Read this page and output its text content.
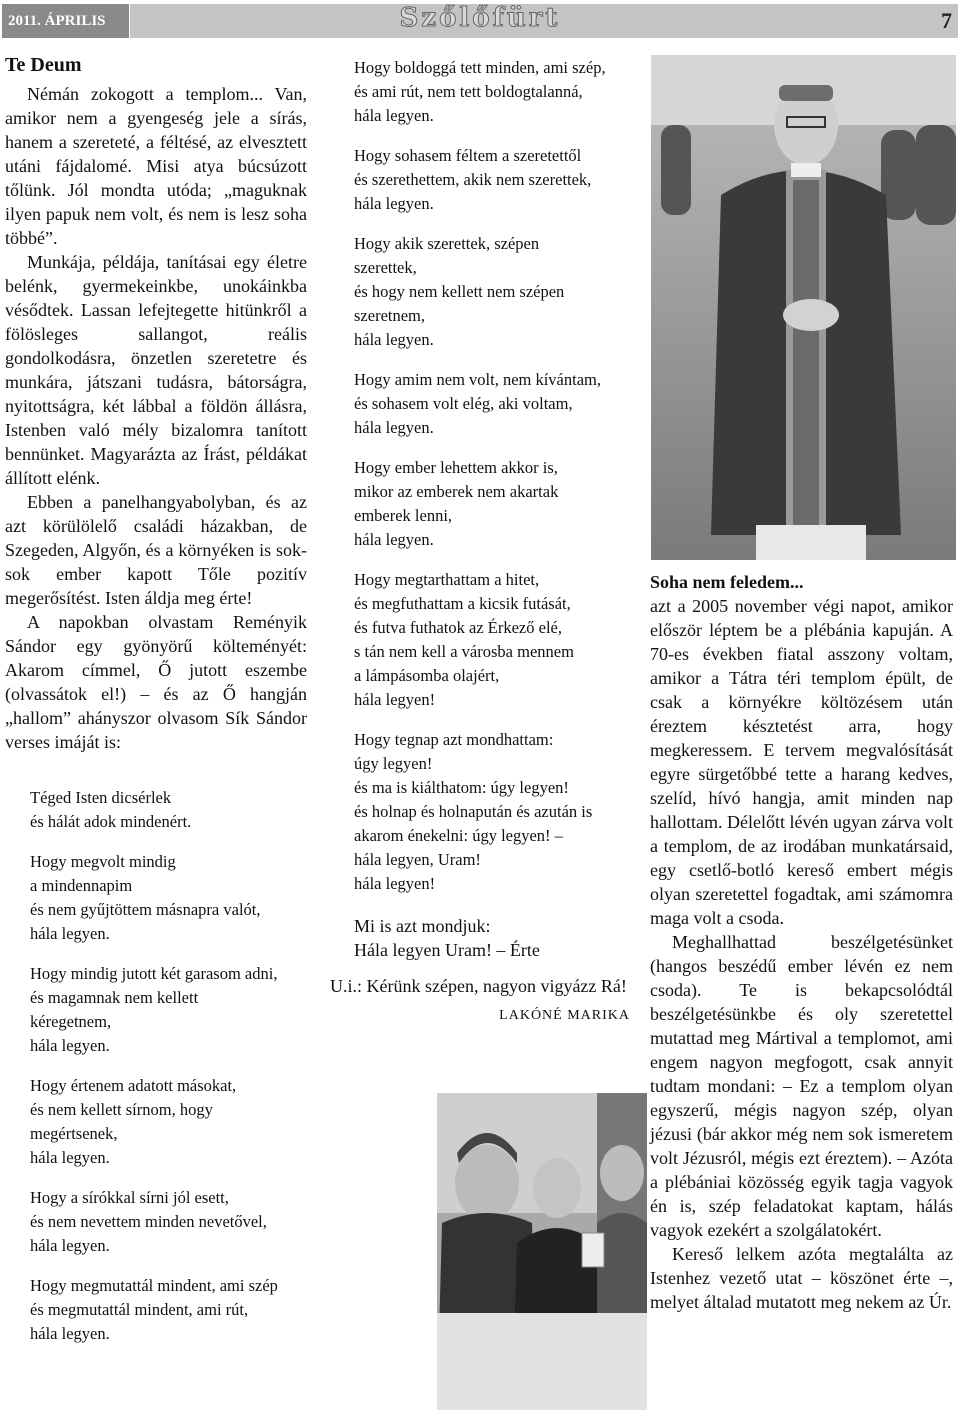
2011. ÁPRILIS	Szőlőfürt	7
Te Deum

Némán zokogott a templom... Van, amikor nem a gyengeség jele a sírás, hanem a szereteté, a féltésé, az elvesztett utáni fájdalomé. Misi atya búcsúzott tőlünk. Jól mondta utóda; „maguknak ilyen papuk nem volt, és nem is lesz soha többé”.

Munkája, példája, tanításai egy életre belénk, gyermekeinkbe, unokáinkba vésődtek. Lassan lefejtegette hitünkről a fölösleges sallangot, reális gondolkodásra, önzetlen szeretetre és munkára, játszani tudásra, bátorságra, nyitottságra, két lábbal a földön állásra, Istenben való mély bizalomra tanított bennünket. Magyarázta az Írást, példákat állított elénk.

Ebben a panelhangyabolyban, és az azt körülölelő családi házakban, de Szegeden, Algyőn, és a környéken is sok-sok ember kapott Tőle pozitív megerősítést. Isten áldja meg érte!

A napokban olvastam Reményik Sándor egy gyönyörű költeményét: Akarom címmel, Ő jutott eszembe (olvassátok el!) – és az Ő hangján „hallom” ahányszor olvasom Sík Sándor verses imáját is:

Téged Isten dicsérlek
és hálát adok mindenért.
Hogy megvolt mindig
a mindennapim
és nem gyűjtöttem másnapra valót,
hála legyen.
Hogy mindig jutott két garasom adni,
és magamnak nem kellett
kéregetnem,
hála legyen.
Hogy értenem adatott másokat,
és nem kellett sírnom, hogy
megértsenek,
hála legyen.
Hogy a sírókkal sírni jól esett,
és nem nevettem minden nevetővel,
hála legyen.
Hogy megmutattál mindent, ami szép
és megmutattál mindent, ami rút,
hála legyen.
Hogy boldoggá tett minden, ami szép,
és ami rút, nem tett boldogtalanná,
hála legyen.
Hogy sohasem féltem a szeretettől
és szerethettem, akik nem szerettek,
hála legyen.
Hogy akik szerettek, szépen
szerettek,
és hogy nem kellett nem szépen
szeretnem,
hála legyen.
Hogy amim nem volt, nem kívántam,
és sohasem volt elég, aki voltam,
hála legyen.
Hogy ember lehettem akkor is,
mikor az emberek nem akartak
emberek lenni,
hála legyen.
Hogy megtarthattam a hitet,
és megfuthattam a kicsik futását,
és futva futhatok az Érkező elé,
s tán nem kell a városba mennem
a lámpásomba olajért,
hála legyen!
Hogy tegnap azt mondhattam:
úgy legyen!
és ma is kiálthatom: úgy legyen!
és holnap és holnapután és azután is
akarom énekelni: úgy legyen! –
hála legyen, Uram!
hála legyen!
Mi is azt mondjuk:
Hála legyen Uram! – Érte
U.i.: Kérünk szépen, nagyon vigyázz Rá!
LAKÓNÉ MARIKA
Soha nem feledem...

azt a 2005 november végi napot, amikor először léptem be a plébánia kapuján. A 70-es években fiatal asszony voltam, amikor a Tátra téri templom épült, de csak a környékre költözésem után éreztem késztetést arra, hogy megkeressem. E tervem megvalósítását egyre sürgetőbbé tette a harang kedves, szelíd, hívó hangja, amit minden nap hallottam. Délelőtt lévén ugyan zárva volt a templom, de az irodában munkatársaid, egy csetlő-botló kereső embert mégis olyan szeretettel fogadtak, ami számomra maga volt a csoda.

Meghallhattad beszélgetésünket (hangos beszédű ember lévén ez nem csoda). Te is bekapcsolódtál beszélgetésünkbe és oly szeretettel mutattad meg Mártival a templomot, ami engem nagyon megfogott, csak annyit tudtam mondani: – Ez a templom olyan egyszerű, mégis nagyon szép, olyan jézusi (bár akkor még nem sok ismeretem volt Jézusról, mégis ezt éreztem). – Azóta a plébániai közösség egyik tagja vagyok én is, szép feladatokat kaptam, hálás vagyok ezekért a szolgálatokért.

Kereső lelkem azóta megtalálta az Istenhez vezető utat – köszönet érte –, melyet általad mutatott meg nekem az Úr.
